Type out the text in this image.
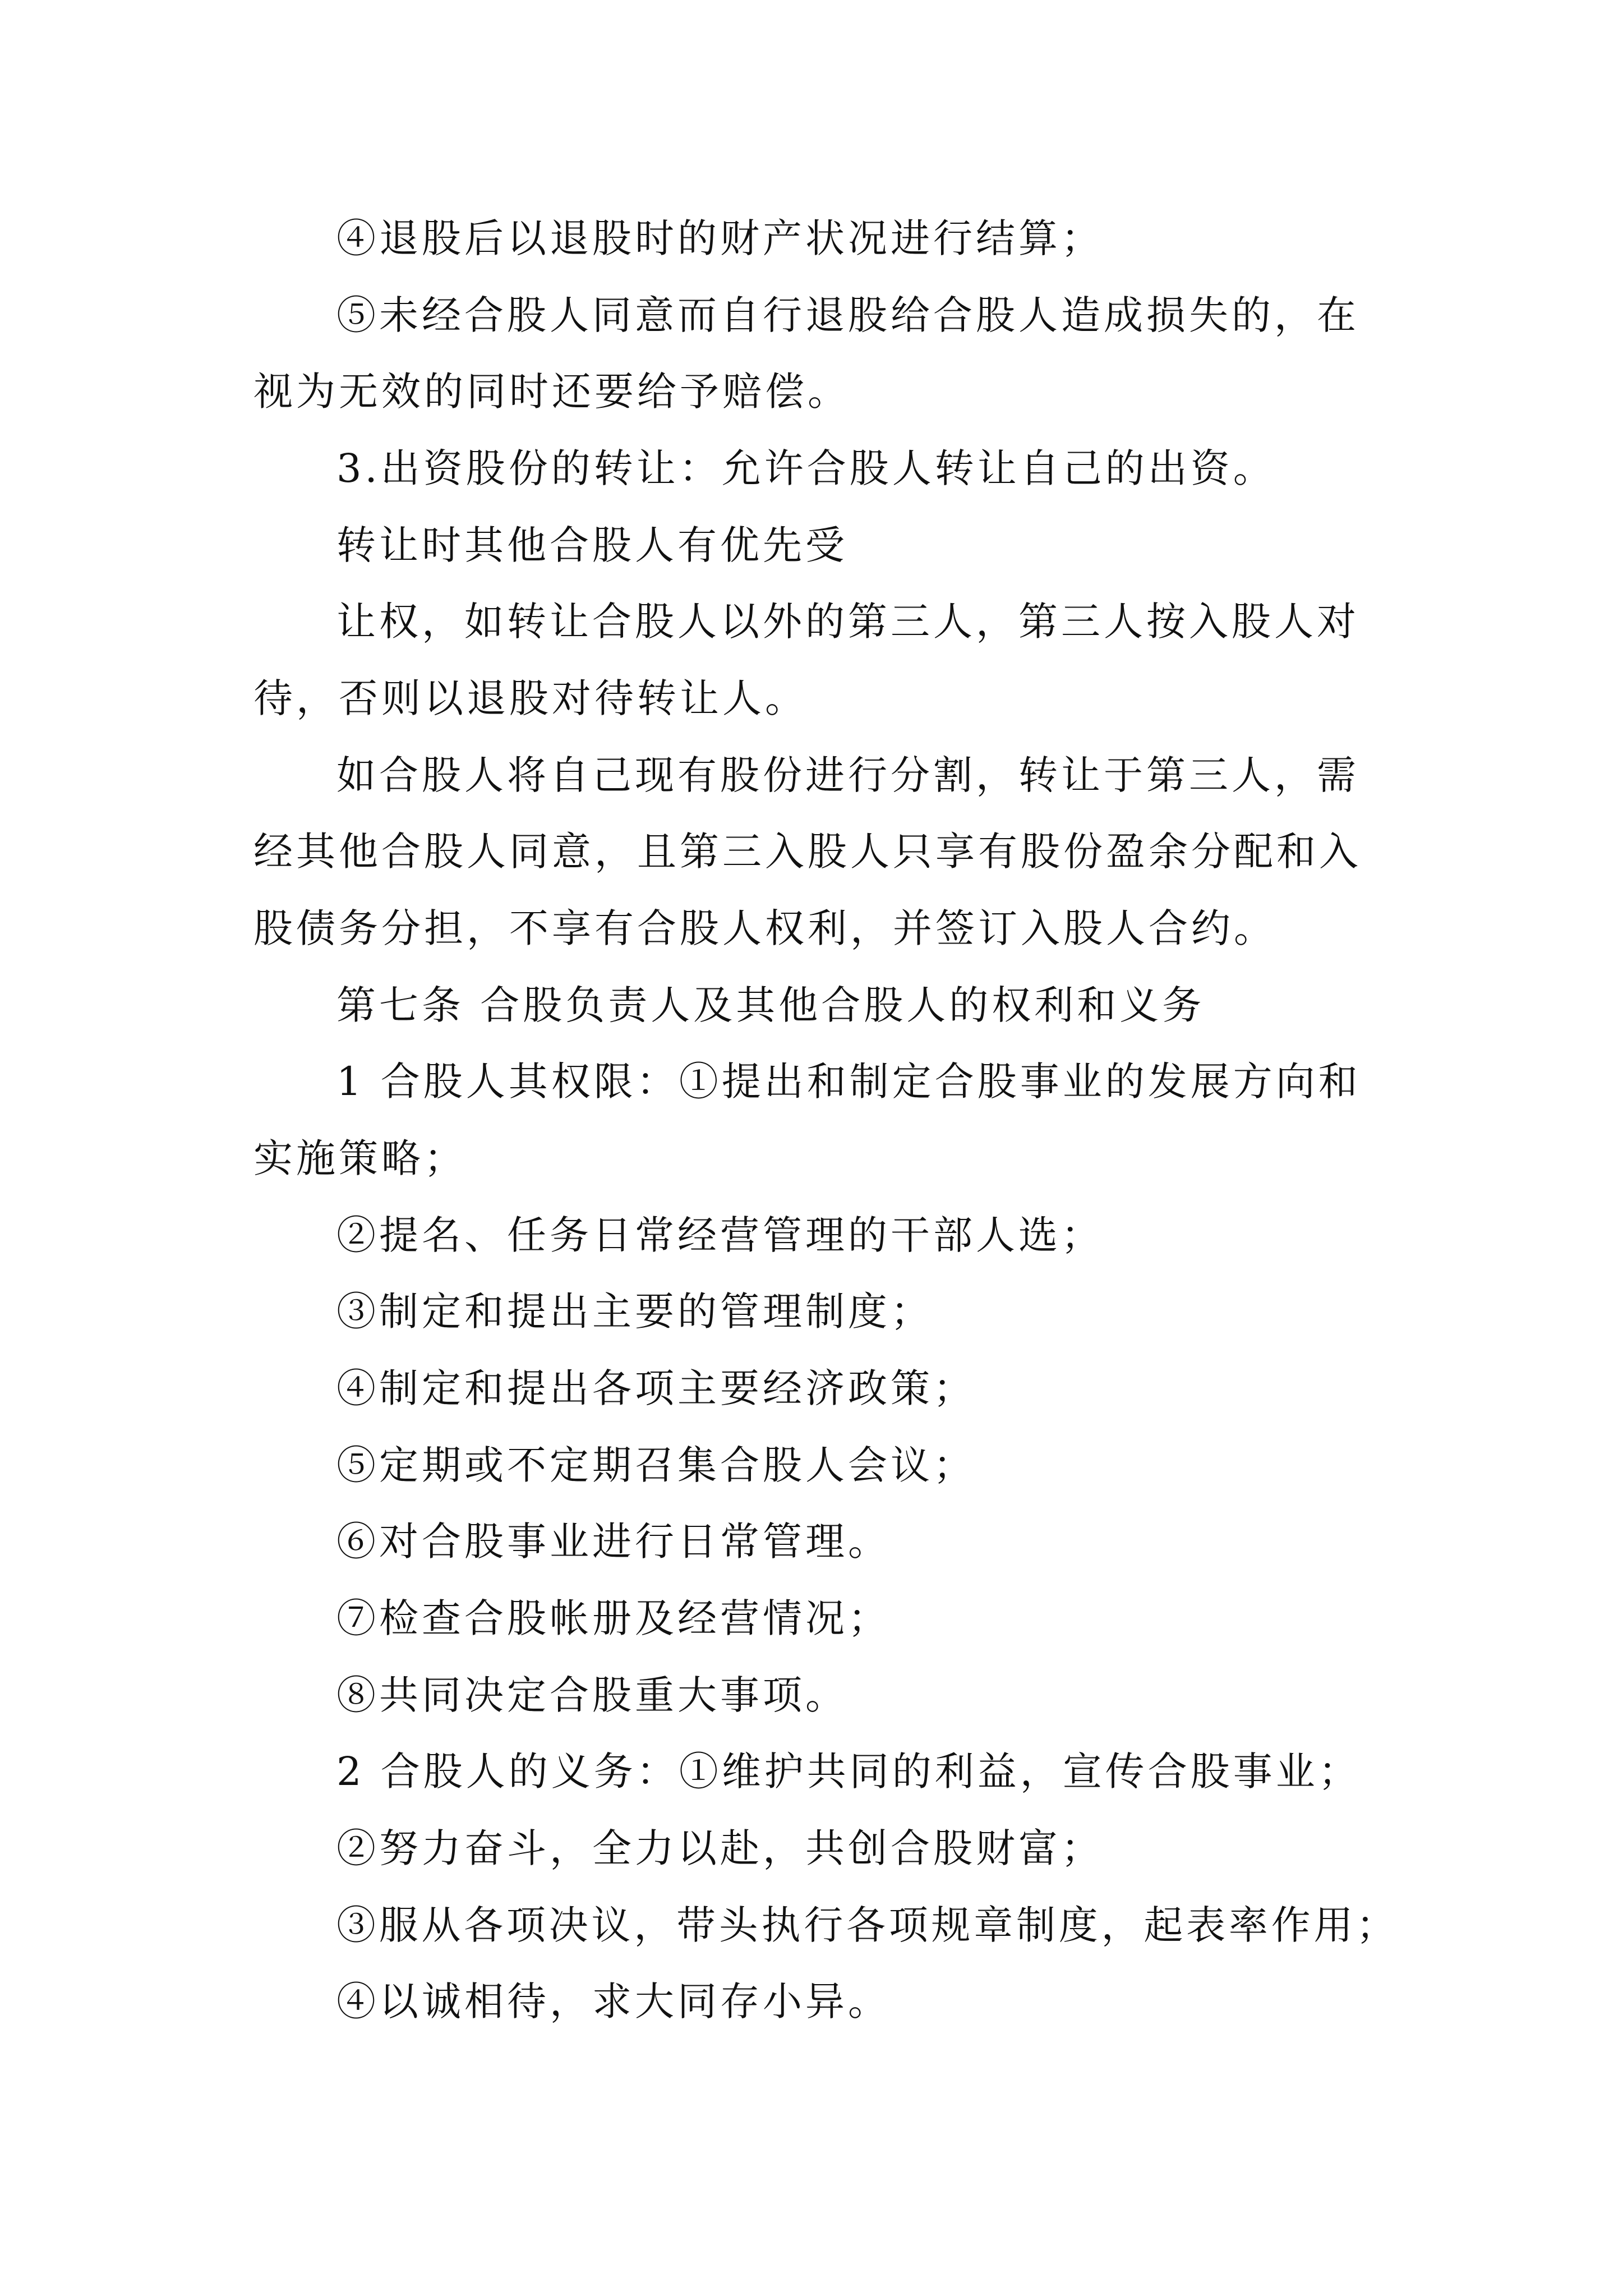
④退股后以退股时的财产状况进行结算；
⑤未经合股人同意而自行退股给合股人造成损失的，在
视为无效的同时还要给予赔偿。
3.出资股份的转让：允许合股人转让自己的出资。
转让时其他合股人有优先受
让权，如转让合股人以外的第三人，第三人按入股人对
待，否则以退股对待转让人。
如合股人将自己现有股份进行分割，转让于第三人，需
经其他合股人同意，且第三入股人只享有股份盈余分配和入
股债务分担，不享有合股人权利，并签订入股人合约。
第七条 合股负责人及其他合股人的权利和义务
1 合股人其权限：①提出和制定合股事业的发展方向和
实施策略；
②提名、任务日常经营管理的干部人选；
③制定和提出主要的管理制度；
④制定和提出各项主要经济政策；
⑤定期或不定期召集合股人会议；
⑥对合股事业进行日常管理。
⑦检查合股帐册及经营情况；
⑧共同决定合股重大事项。
2 合股人的义务：①维护共同的利益，宣传合股事业；
②努力奋斗，全力以赴，共创合股财富；
③服从各项决议，带头执行各项规章制度，起表率作用；
④以诚相待，求大同存小异。
